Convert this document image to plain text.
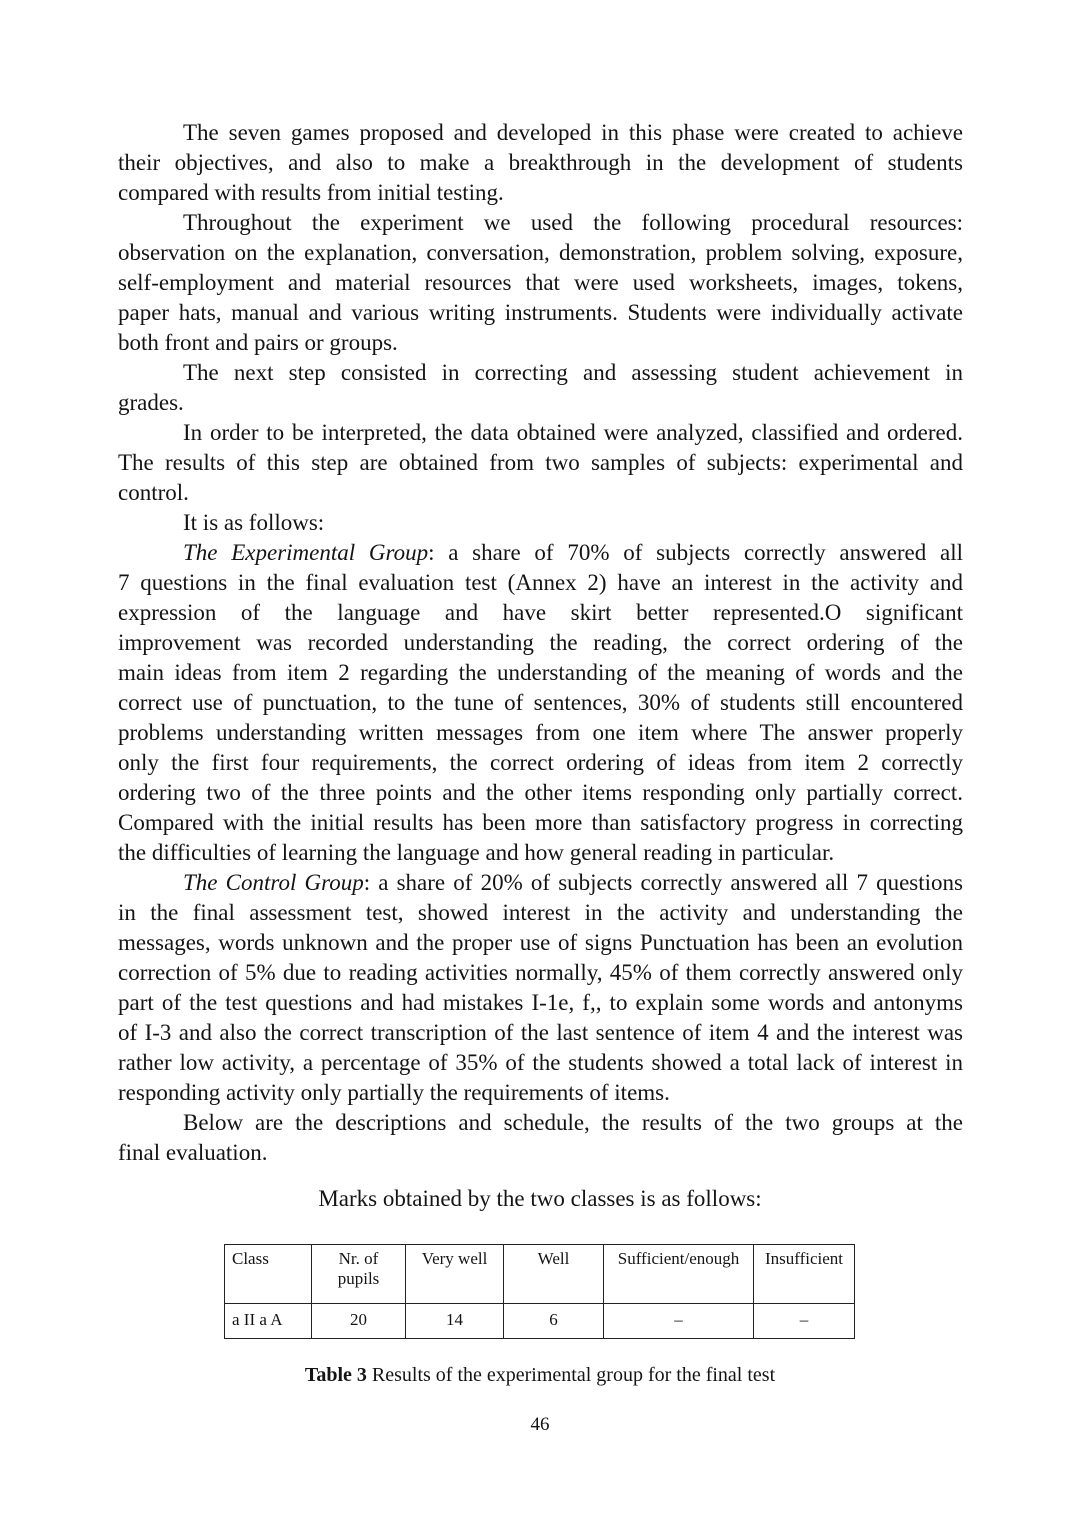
The seven games proposed and developed in this phase were created to achieve
their objectives, and also to make a breakthrough in the development of students
compared with results from initial testing.
Throughout the experiment we used the following procedural resources:
observation on the explanation, conversation, demonstration, problem solving, exposure,
self-employment and material resources that were used worksheets, images, tokens,
paper hats, manual and various writing instruments. Students were individually activate
both front and pairs or groups.
The next step consisted in correcting and assessing student achievement in
grades.
In order to be interpreted, the data obtained were analyzed, classified and ordered.
The results of this step are obtained from two samples of subjects: experimental and
control.
It is as follows:
The Experimental Group: a share of 70% of subjects correctly answered all
7 questions in the final evaluation test (Annex 2) have an interest in the activity and
expression of the language and have skirt better represented.O significant
improvement was recorded understanding the reading, the correct ordering of the
main ideas from item 2 regarding the understanding of the meaning of words and the
correct use of punctuation, to the tune of sentences, 30% of students still encountered
problems understanding written messages from one item where The answer properly
only the first four requirements, the correct ordering of ideas from item 2 correctly
ordering two of the three points and the other items responding only partially correct.
Compared with the initial results has been more than satisfactory progress in correcting
the difficulties of learning the language and how general reading in particular.
The Control Group: a share of 20% of subjects correctly answered all 7 questions
in the final assessment test, showed interest in the activity and understanding the
messages, words unknown and the proper use of signs Punctuation has been an evolution
correction of 5% due to reading activities normally, 45% of them correctly answered only
part of the test questions and had mistakes I-1e, f,, to explain some words and antonyms
of I-3 and also the correct transcription of the last sentence of item 4 and the interest was
rather low activity, a percentage of 35% of the students showed a total lack of interest in
responding activity only partially the requirements of items.
Below are the descriptions and schedule, the results of the two groups at the
final evaluation.
Marks obtained by the two classes is as follows:
Class	Nr. of pupils	Very well	Well	Sufficient/enough	Insufficient
a II a A	20	14	6	–	–
Table 3 Results of the experimental group for the final test
46
